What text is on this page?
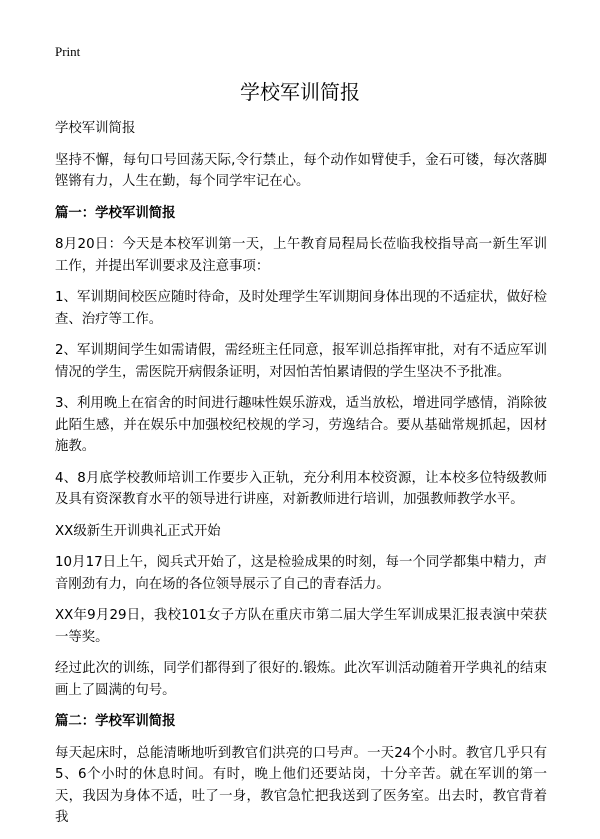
Print
学校军训简报

学校军训简报

坚持不懈，每句口号回荡天际,令行禁止，每个动作如臂使手，金石可镂，每次落脚铿锵有力，人生在勤，每个同学牢记在心。

篇一：学校军训简报

8月20日：今天是本校军训第一天，上午教育局程局长莅临我校指导高一新生军训工作，并提出军训要求及注意事项：

1、军训期间校医应随时待命，及时处理学生军训期间身体出现的不适症状，做好检查、治疗等工作。

2、军训期间学生如需请假，需经班主任同意，报军训总指挥审批，对有不适应军训情况的学生，需医院开病假条证明，对因怕苦怕累请假的学生坚决不予批准。

3、利用晚上在宿舍的时间进行趣味性娱乐游戏，适当放松，增进同学感情，消除彼此陌生感，并在娱乐中加强校纪校规的学习，劳逸结合。要从基础常规抓起，因材施教。

4、8月底学校教师培训工作要步入正轨，充分利用本校资源，让本校多位特级教师及具有资深教育水平的领导进行讲座，对新教师进行培训，加强教师教学水平。

XX级新生开训典礼正式开始

10月17日上午，阅兵式开始了，这是检验成果的时刻，每一个同学都集中精力，声音刚劲有力，向在场的各位领导展示了自己的青春活力。

XX年9月29日，我校101女子方队在重庆市第二届大学生军训成果汇报表演中荣获一等奖。

经过此次的训练，同学们都得到了很好的.锻炼。此次军训活动随着开学典礼的结束画上了圆满的句号。

篇二：学校军训简报

每天起床时，总能清晰地听到教官们洪亮的口号声。一天24个小时。教官几乎只有5、6个小时的休息时间。有时，晚上他们还要站岗，十分辛苦。就在军训的第一天，我因为身体不适，吐了一身，教官急忙把我送到了医务室。出去时，教官背着我
